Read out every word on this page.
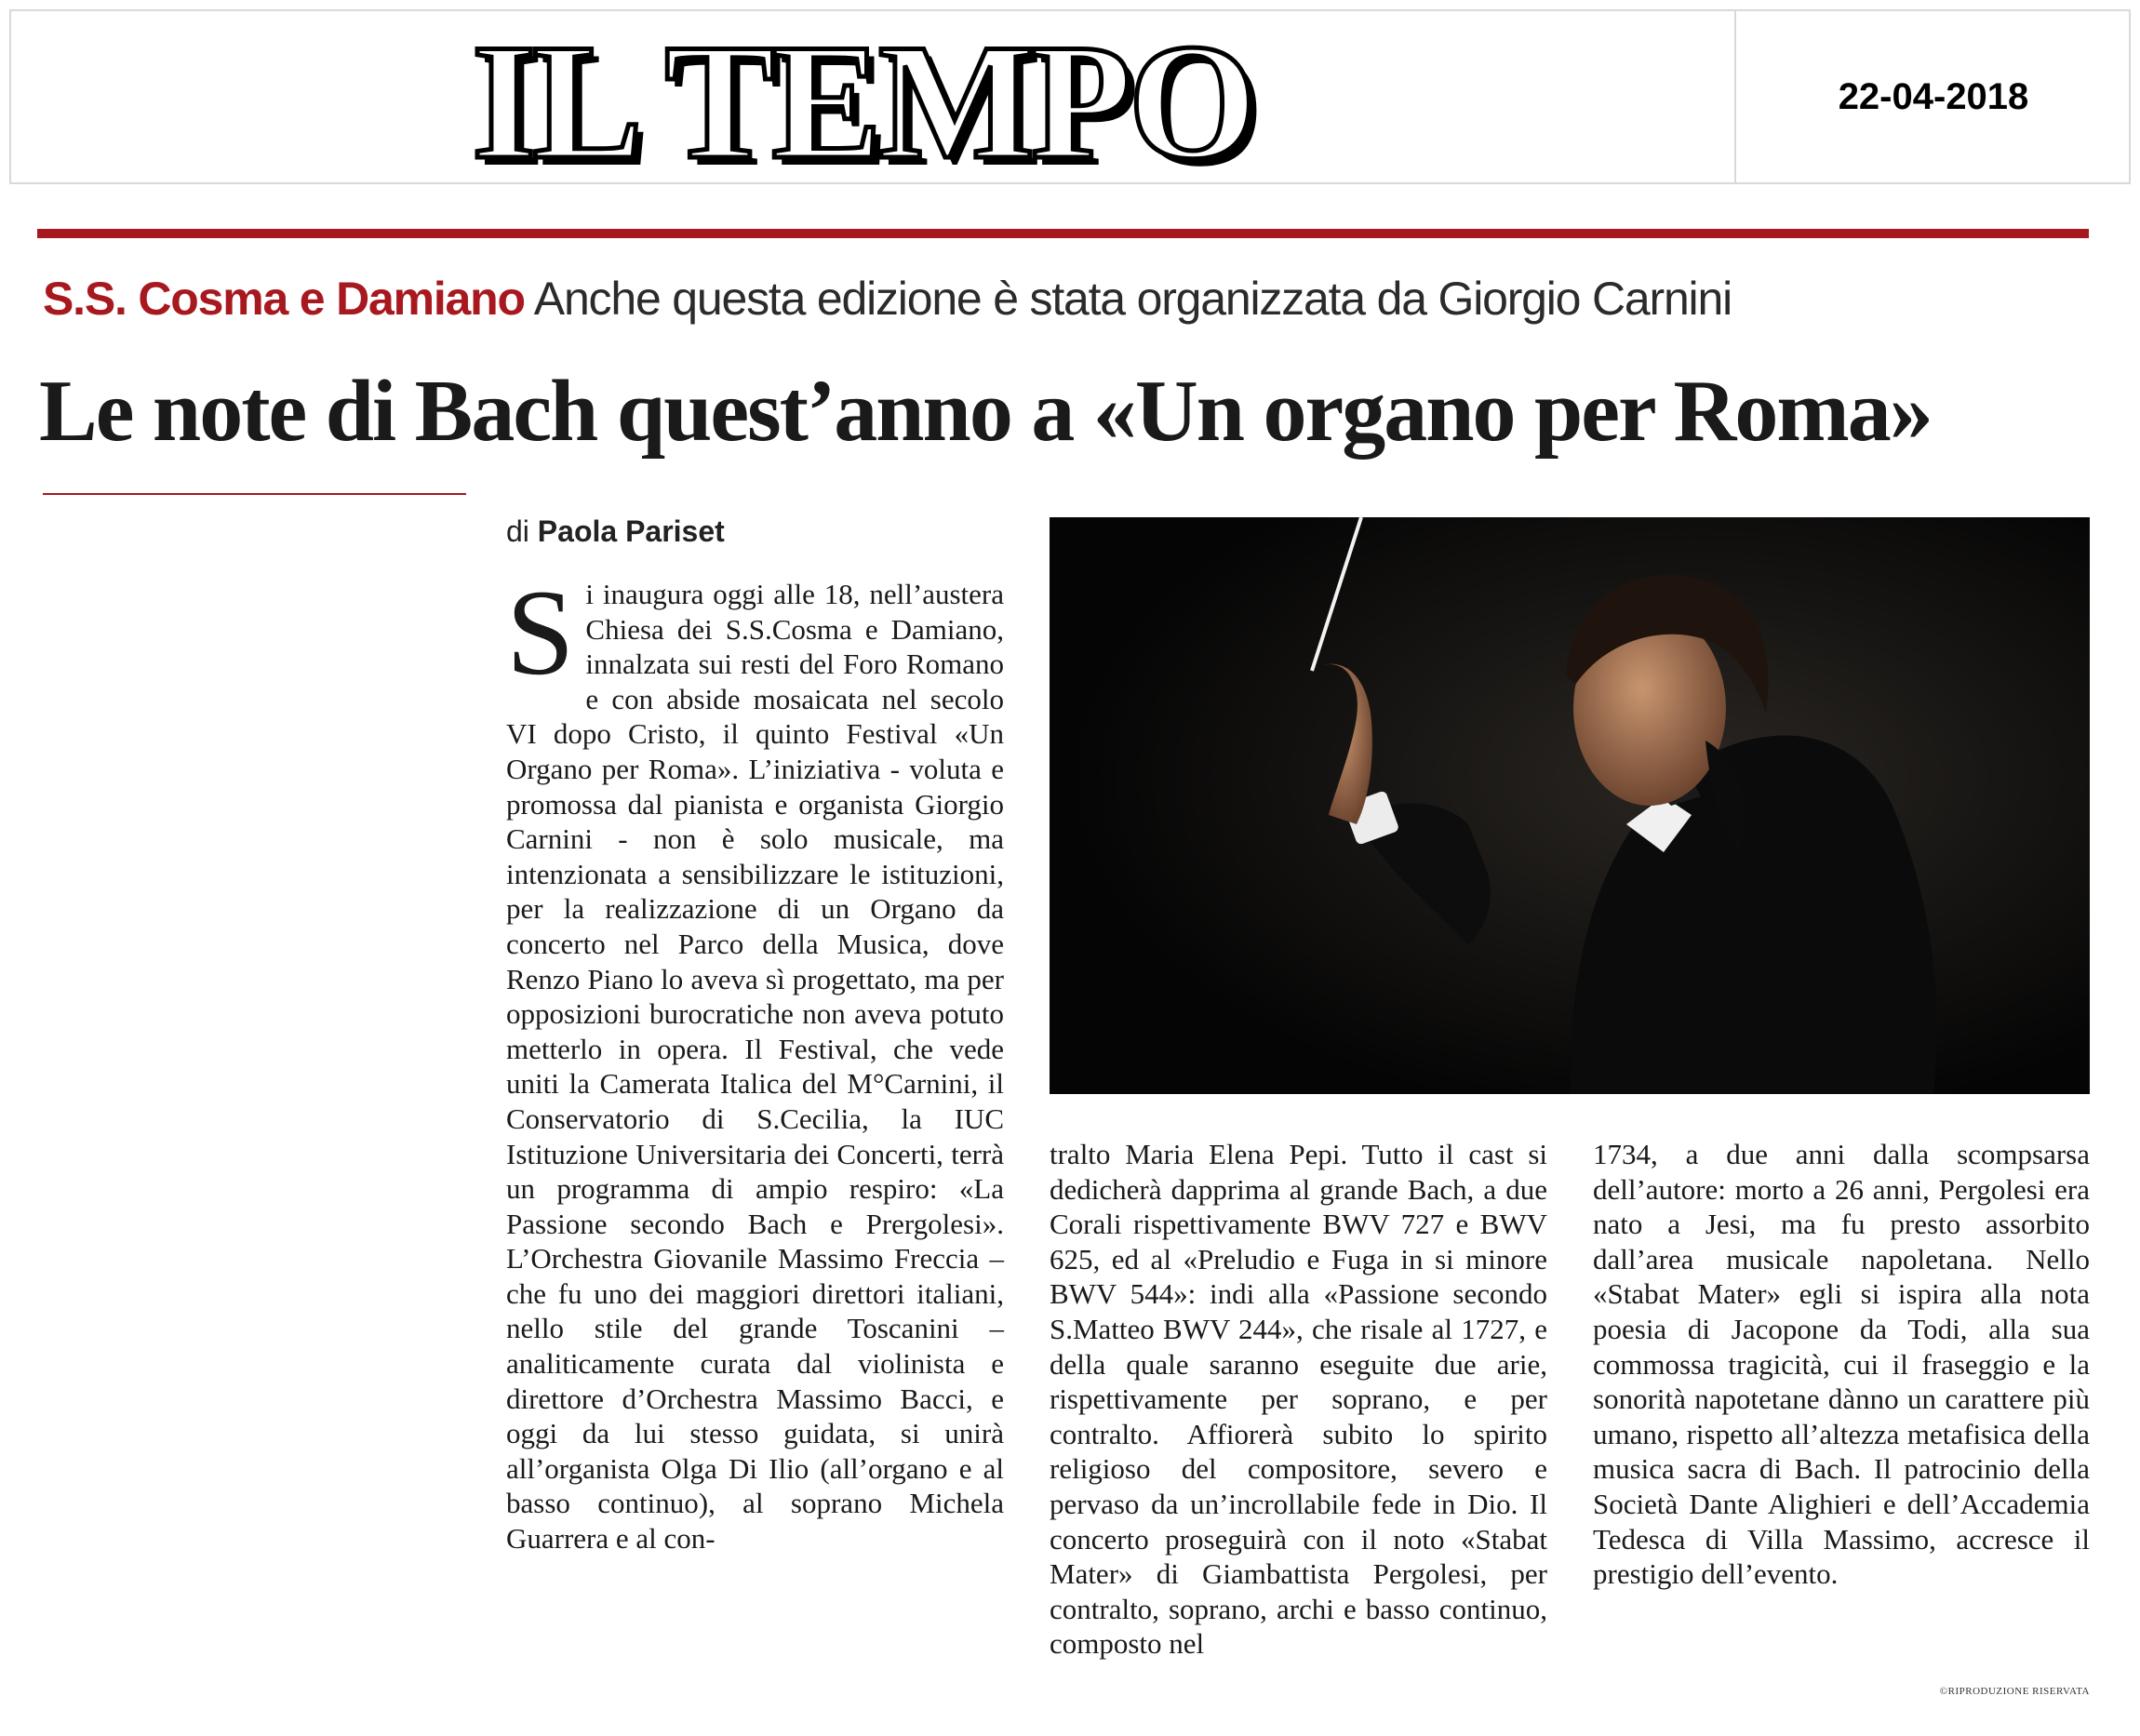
IL TEMPO	22-04-2018
S.S. Cosma e Damiano Anche questa edizione è stata organizzata da Giorgio Carnini
Le note di Bach quest’anno a «Un organo per Roma»
di Paola Pariset
Si inaugura oggi alle 18, nell’austera Chiesa dei S.S.Cosma e Damiano, innalzata sui resti del Foro Romano e con abside mosaicata nel secolo VI dopo Cristo, il quinto Festival «Un Organo per Roma». L’iniziativa - voluta e promossa dal pianista e organista Giorgio Carnini - non è solo musicale, ma intenzionata a sensibilizzare le istituzioni, per la realizzazione di un Organo da concerto nel Parco della Musica, dove Renzo Piano lo aveva sì progettato, ma per opposizioni burocratiche non aveva potuto metterlo in opera. Il Festival, che vede uniti la Camerata Italica del M°Carnini, il Conservatorio di S.Cecilia, la IUC Istituzione Universitaria dei Concerti, terrà un programma di ampio respiro: «La Passione secondo Bach e Prergolesi». L’Orchestra Giovanile Massimo Freccia – che fu uno dei maggiori direttori italiani, nello stile del grande Toscanini – analiticamente curata dal violinista e direttore d’Orchestra Massimo Bacci, e oggi da lui stesso guidata, si unirà all’organista Olga Di Ilio (all’organo e al basso continuo), al soprano Michela Guarrera e al con-
tralto Maria Elena Pepi. Tutto il cast si dedicherà dapprima al grande Bach, a due Corali rispettivamente BWV 727 e BWV 625, ed al «Preludio e Fuga in si minore BWV 544»: indi alla «Passione secondo S.Matteo BWV 244», che risale al 1727, e della quale saranno eseguite due arie, rispettivamente per soprano, e per contralto. Affiorerà subito lo spirito religioso del compositore, severo e pervaso da un’incrollabile fede in Dio. Il concerto proseguirà con il noto «Stabat Mater» di Giambattista Pergolesi, per contralto, soprano, archi e basso continuo, composto nel
1734, a due anni dalla scompsarsa dell’autore: morto a 26 anni, Pergolesi era nato a Jesi, ma fu presto assorbito dall’area musicale napoletana. Nello «Stabat Mater» egli si ispira alla nota poesia di Jacopone da Todi, alla sua commossa tragicità, cui il fraseggio e la sonorità napotetane dànno un carattere più umano, rispetto all’altezza metafisica della musica sacra di Bach. Il patrocinio della Società Dante Alighieri e dell’Accademia Tedesca di Villa Massimo, accresce il prestigio dell’evento.
©RIPRODUZIONE RISERVATA
